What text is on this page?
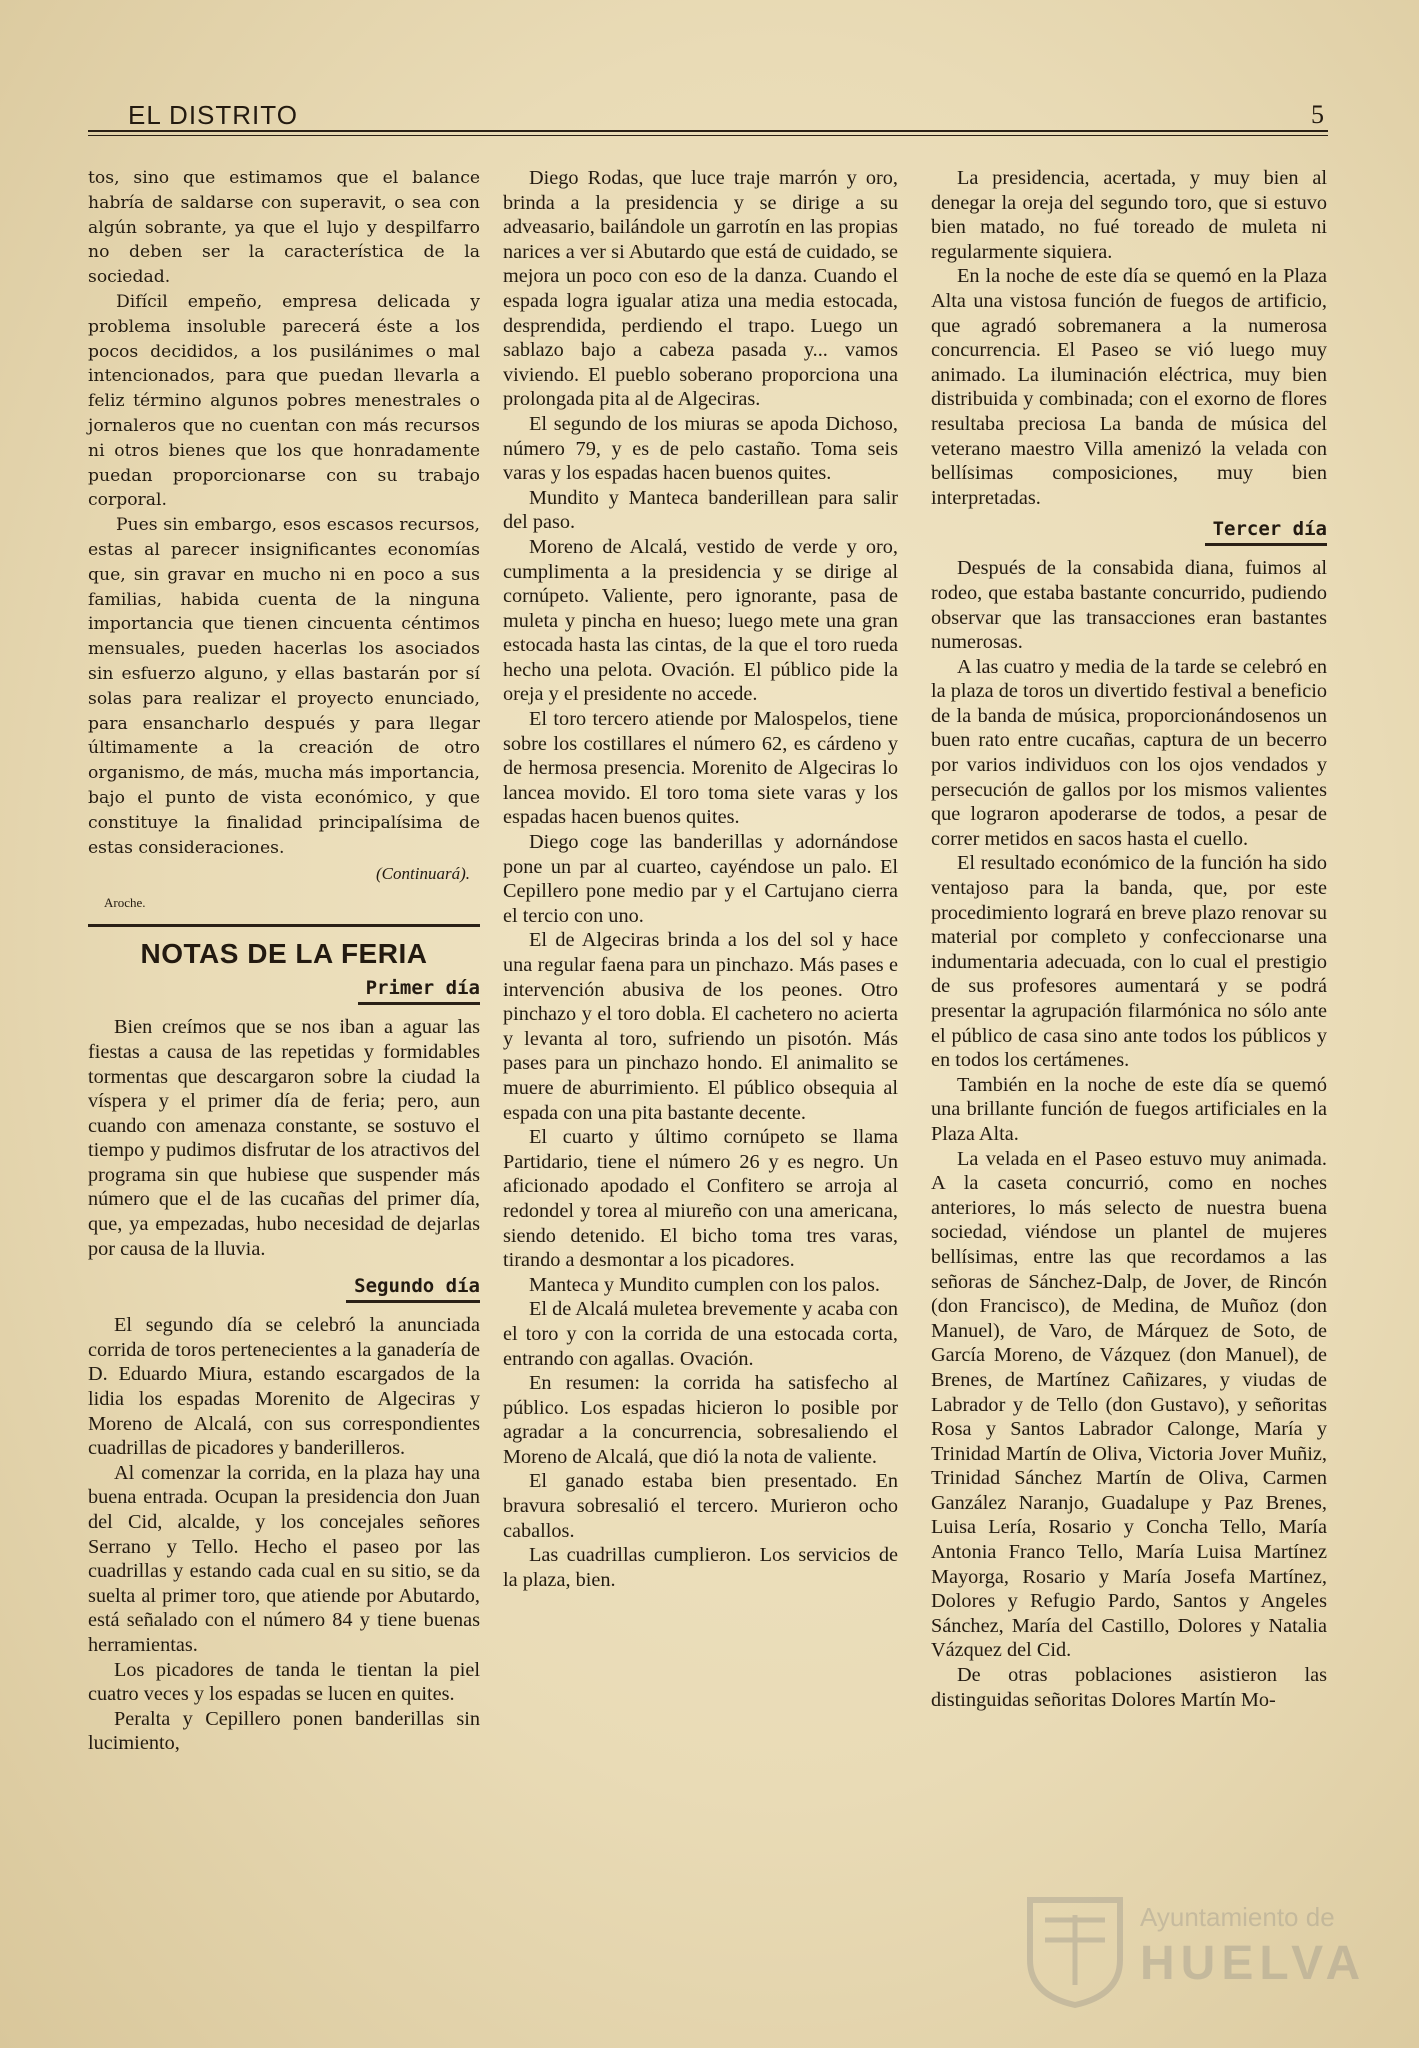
EL DISTRITO	5

tos, sino que estimamos que el balance habría de saldarse con superavit, o sea con algún sobrante, ya que el lujo y despilfarro no deben ser la característica de la sociedad.

Difícil empeño, empresa delicada y problema insoluble parecerá éste a los pocos decididos, a los pusilánimes o mal intencionados, para que puedan llevarla a feliz término algunos pobres menestrales o jornaleros que no cuentan con más recursos ni otros bienes que los que honradamente puedan proporcionarse con su trabajo corporal.

Pues sin embargo, esos escasos recursos, estas al parecer insignificantes economías que, sin gravar en mucho ni en poco a sus familias, habida cuenta de la ninguna importancia que tienen cincuenta céntimos mensuales, pueden hacerlas los asociados sin esfuerzo alguno, y ellas bastarán por sí solas para realizar el proyecto enunciado, para ensancharlo después y para llegar últimamente a la creación de otro organismo, de más, mucha más importancia, bajo el punto de vista económico, y que constituye la finalidad principalísima de estas consideraciones.

(Continuará).
Aroche.
NOTAS DE LA FERIA
Primer día

Bien creímos que se nos iban a aguar las fiestas a causa de las repetidas y formidables tormentas que descargaron sobre la ciudad la víspera y el primer día de feria; pero, aun cuando con amenaza constante, se sostuvo el tiempo y pudimos disfrutar de los atractivos del programa sin que hubiese que suspender más número que el de las cucañas del primer día, que, ya empezadas, hubo necesidad de dejarlas por causa de la lluvia.

Segundo día

El segundo día se celebró la anunciada corrida de toros pertenecientes a la ganadería de D. Eduardo Miura, estando escargados de la lidia los espadas Morenito de Algeciras y Moreno de Alcalá, con sus correspondientes cuadrillas de picadores y banderilleros.

Al comenzar la corrida, en la plaza hay una buena entrada. Ocupan la presidencia don Juan del Cid, alcalde, y los concejales señores Serrano y Tello. Hecho el paseo por las cuadrillas y estando cada cual en su sitio, se da suelta al primer toro, que atiende por Abutardo, está señalado con el número 84 y tiene buenas herramientas.

Los picadores de tanda le tientan la piel cuatro veces y los espadas se lucen en quites.

Peralta y Cepillero ponen banderillas sin lucimiento,

Diego Rodas, que luce traje marrón y oro, brinda a la presidencia y se dirige a su adveasario, bailándole un garrotín en las propias narices a ver si Abutardo que está de cuidado, se mejora un poco con eso de la danza. Cuando el espada logra igualar atiza una media estocada, desprendida, perdiendo el trapo. Luego un sablazo bajo a cabeza pasada y... vamos viviendo. El pueblo soberano proporciona una prolongada pita al de Algeciras.

El segundo de los miuras se apoda Dichoso, número 79, y es de pelo castaño. Toma seis varas y los espadas hacen buenos quites.

Mundito y Manteca banderillean para salir del paso.

Moreno de Alcalá, vestido de verde y oro, cumplimenta a la presidencia y se dirige al cornúpeto. Valiente, pero ignorante, pasa de muleta y pincha en hueso; luego mete una gran estocada hasta las cintas, de la que el toro rueda hecho una pelota. Ovación. El público pide la oreja y el presidente no accede.

El toro tercero atiende por Malospelos, tiene sobre los costillares el número 62, es cárdeno y de hermosa presencia. Morenito de Algeciras lo lancea movido. El toro toma siete varas y los espadas hacen buenos quites.

Diego coge las banderillas y adornándose pone un par al cuarteo, cayéndose un palo. El Cepillero pone medio par y el Cartujano cierra el tercio con uno.

El de Algeciras brinda a los del sol y hace una regular faena para un pinchazo. Más pases e intervención abusiva de los peones. Otro pinchazo y el toro dobla. El cachetero no acierta y levanta al toro, sufriendo un pisotón. Más pases para un pinchazo hondo. El animalito se muere de aburrimiento. El público obsequia al espada con una pita bastante decente.

El cuarto y último cornúpeto se llama Partidario, tiene el número 26 y es negro. Un aficionado apodado el Confitero se arroja al redondel y torea al miureño con una americana, siendo detenido. El bicho toma tres varas, tirando a desmontar a los picadores.

Manteca y Mundito cumplen con los palos.

El de Alcalá muletea brevemente y acaba con el toro y con la corrida de una estocada corta, entrando con agallas. Ovación.

En resumen: la corrida ha satisfecho al público. Los espadas hicieron lo posible por agradar a la concurrencia, sobresaliendo el Moreno de Alcalá, que dió la nota de valiente.

El ganado estaba bien presentado. En bravura sobresalió el tercero. Murieron ocho caballos.

Las cuadrillas cumplieron. Los servicios de la plaza, bien.

La presidencia, acertada, y muy bien al denegar la oreja del segundo toro, que si estuvo bien matado, no fué toreado de muleta ni regularmente siquiera.

En la noche de este día se quemó en la Plaza Alta una vistosa función de fuegos de artificio, que agradó sobremanera a la numerosa concurrencia. El Paseo se vió luego muy animado. La iluminación eléctrica, muy bien distribuida y combinada; con el exorno de flores resultaba preciosa La banda de música del veterano maestro Villa amenizó la velada con bellísimas composiciones, muy bien interpretadas.

Tercer día

Después de la consabida diana, fuimos al rodeo, que estaba bastante concurrido, pudiendo observar que las transacciones eran bastantes numerosas.

A las cuatro y media de la tarde se celebró en la plaza de toros un divertido festival a beneficio de la banda de música, proporcionándosenos un buen rato entre cucañas, captura de un becerro por varios individuos con los ojos vendados y persecución de gallos por los mismos valientes que lograron apoderarse de todos, a pesar de correr metidos en sacos hasta el cuello.

El resultado económico de la función ha sido ventajoso para la banda, que, por este procedimiento logrará en breve plazo renovar su material por completo y confeccionarse una indumentaria adecuada, con lo cual el prestigio de sus profesores aumentará y se podrá presentar la agrupación filarmónica no sólo ante el público de casa sino ante todos los públicos y en todos los certámenes.

También en la noche de este día se quemó una brillante función de fuegos artificiales en la Plaza Alta.

La velada en el Paseo estuvo muy animada. A la caseta concurrió, como en noches anteriores, lo más selecto de nuestra buena sociedad, viéndose un plantel de mujeres bellísimas, entre las que recordamos a las señoras de Sánchez-Dalp, de Jover, de Rincón (don Francisco), de Medina, de Muñoz (don Manuel), de Varo, de Márquez de Soto, de García Moreno, de Vázquez (don Manuel), de Brenes, de Martínez Cañizares, y viudas de Labrador y de Tello (don Gustavo), y señoritas Rosa y Santos Labrador Calonge, María y Trinidad Martín de Oliva, Victoria Jover Muñiz, Trinidad Sánchez Martín de Oliva, Carmen Ganzález Naranjo, Guadalupe y Paz Brenes, Luisa Lería, Rosario y Concha Tello, María Antonia Franco Tello, María Luisa Martínez Mayorga, Rosario y María Josefa Martínez, Dolores y Refugio Pardo, Santos y Angeles Sánchez, María del Castillo, Dolores y Natalia Vázquez del Cid.

De otras poblaciones asistieron las distinguidas señoritas Dolores Martín Mo-

Ayuntamiento de
HUELVA
